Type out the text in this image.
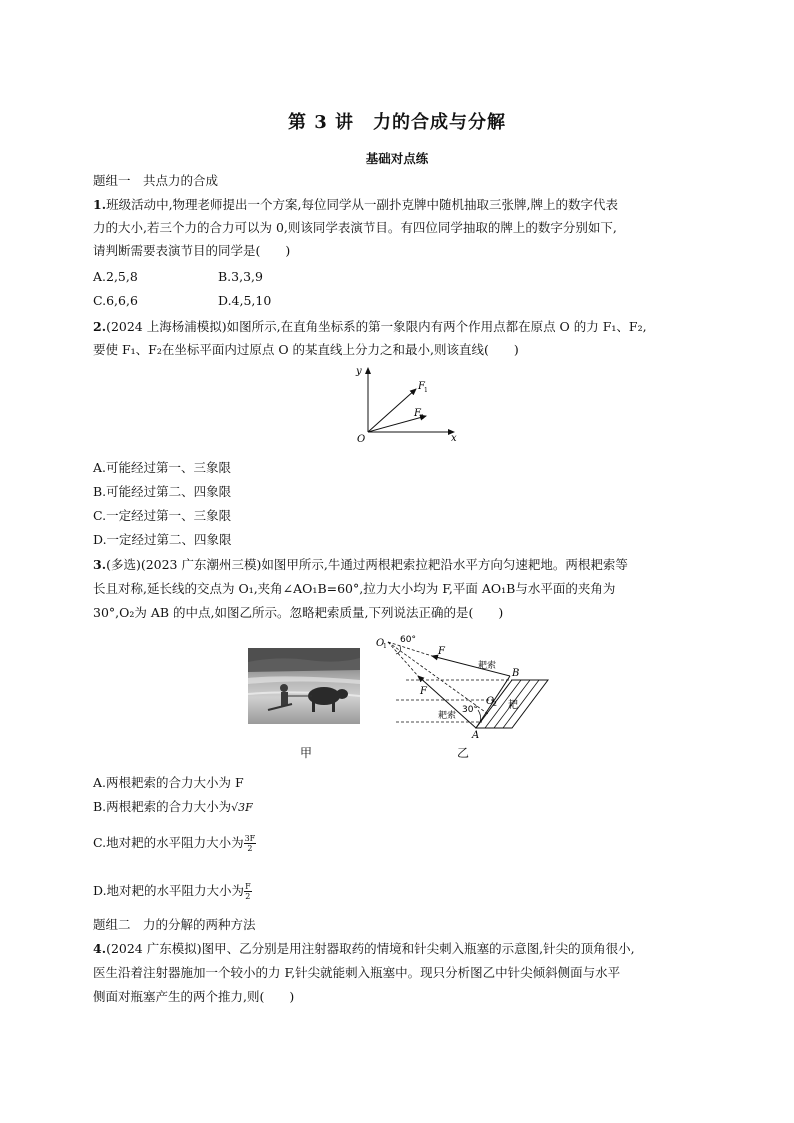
第 3 讲　力的合成与分解
基础对点练
题组一　共点力的合成
1.班级活动中,物理老师提出一个方案,每位同学从一副扑克牌中随机抽取三张牌,牌上的数字代表
力的大小,若三个力的合力可以为 0,则该同学表演节目。有四位同学抽取的牌上的数字分别如下,
请判断需要表演节目的同学是(　　)
A.2,5,8	B.3,3,9
C.6,6,6	D.4,5,10
2.(2024 上海杨浦模拟)如图所示,在直角坐标系的第一象限内有两个作用点都在原点 O 的力 F₁、F₂,
要使 F₁、F₂在坐标平面内过原点 O 的某直线上分力之和最小,则该直线(　　)
y
x
O
F 1
F 2
A.可能经过第一、三象限
B.可能经过第二、四象限
C.一定经过第一、三象限
D.一定经过第二、四象限
3.(多选)(2023 广东潮州三模)如图甲所示,牛通过两根耙索拉耙沿水平方向匀速耙地。两根耙索等
长且对称,延长线的交点为 O₁,夹角∠AO₁B=60°,拉力大小均为 F,平面 AO₁B与水平面的夹角为
30°,O₂为 AB 的中点,如图乙所示。忽略耙索质量,下列说法正确的是(　　)
O
1
60°
F
耙索
B
F
耙索
30°
O
2 耙
A
甲	乙
A.两根耙索的合力大小为 F
B.两根耙索的合力大小为√3F
C.地对耙的水平阻力大小为 $\frac{3F}{2}$
D.地对耙的水平阻力大小为 $\frac{F}{2}$
题组二　力的分解的两种方法
4.(2024 广东模拟)图甲、乙分别是用注射器取药的情境和针尖刺入瓶塞的示意图,针尖的顶角很小,
医生沿着注射器施加一个较小的力 F,针尖就能刺入瓶塞中。现只分析图乙中针尖倾斜侧面与水平
侧面对瓶塞产生的两个推力,则(　　)
